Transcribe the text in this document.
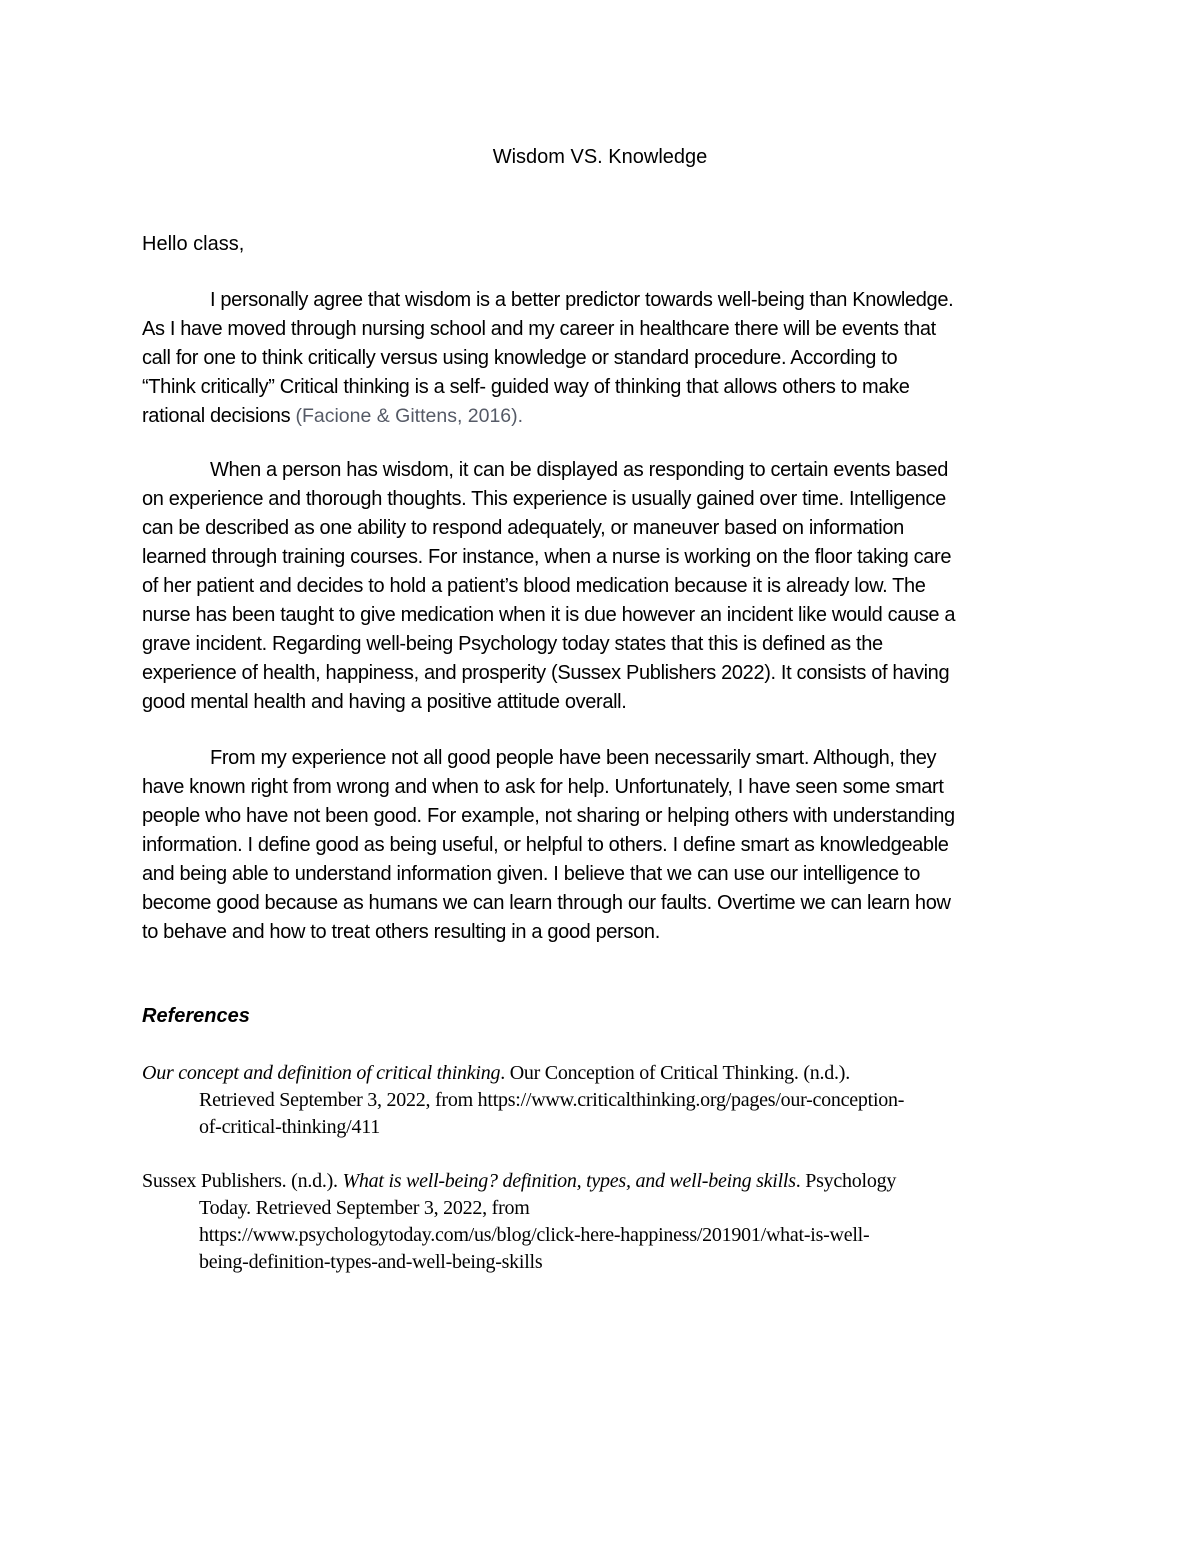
Wisdom VS. Knowledge
Hello class,

I personally agree that wisdom is a better predictor towards well-being than Knowledge.
As I have moved through nursing school and my career in healthcare there will be events that
call for one to think critically versus using knowledge or standard procedure. According to
“Think critically” Critical thinking is a self- guided way of thinking that allows others to make
rational decisions (Facione & Gittens, 2016).

When a person has wisdom, it can be displayed as responding to certain events based
on experience and thorough thoughts. This experience is usually gained over time. Intelligence
can be described as one ability to respond adequately, or maneuver based on information
learned through training courses. For instance, when a nurse is working on the floor taking care
of her patient and decides to hold a patient’s blood medication because it is already low. The
nurse has been taught to give medication when it is due however an incident like would cause a
grave incident. Regarding well-being Psychology today states that this is defined as the
experience of health, happiness, and prosperity (Sussex Publishers 2022). It consists of having
good mental health and having a positive attitude overall.

From my experience not all good people have been necessarily smart. Although, they
have known right from wrong and when to ask for help. Unfortunately, I have seen some smart
people who have not been good. For example, not sharing or helping others with understanding
information. I define good as being useful, or helpful to others. I define smart as knowledgeable
and being able to understand information given. I believe that we can use our intelligence to
become good because as humans we can learn through our faults. Overtime we can learn how
to behave and how to treat others resulting in a good person.

References
Our concept and definition of critical thinking. Our Conception of Critical Thinking. (n.d.).
Retrieved September 3, 2022, from https://www.criticalthinking.org/pages/our-conception-
of-critical-thinking/411
Sussex Publishers. (n.d.). What is well-being? definition, types, and well-being skills. Psychology
Today. Retrieved September 3, 2022, from
https://www.psychologytoday.com/us/blog/click-here-happiness/201901/what-is-well-
being-definition-types-and-well-being-skills
